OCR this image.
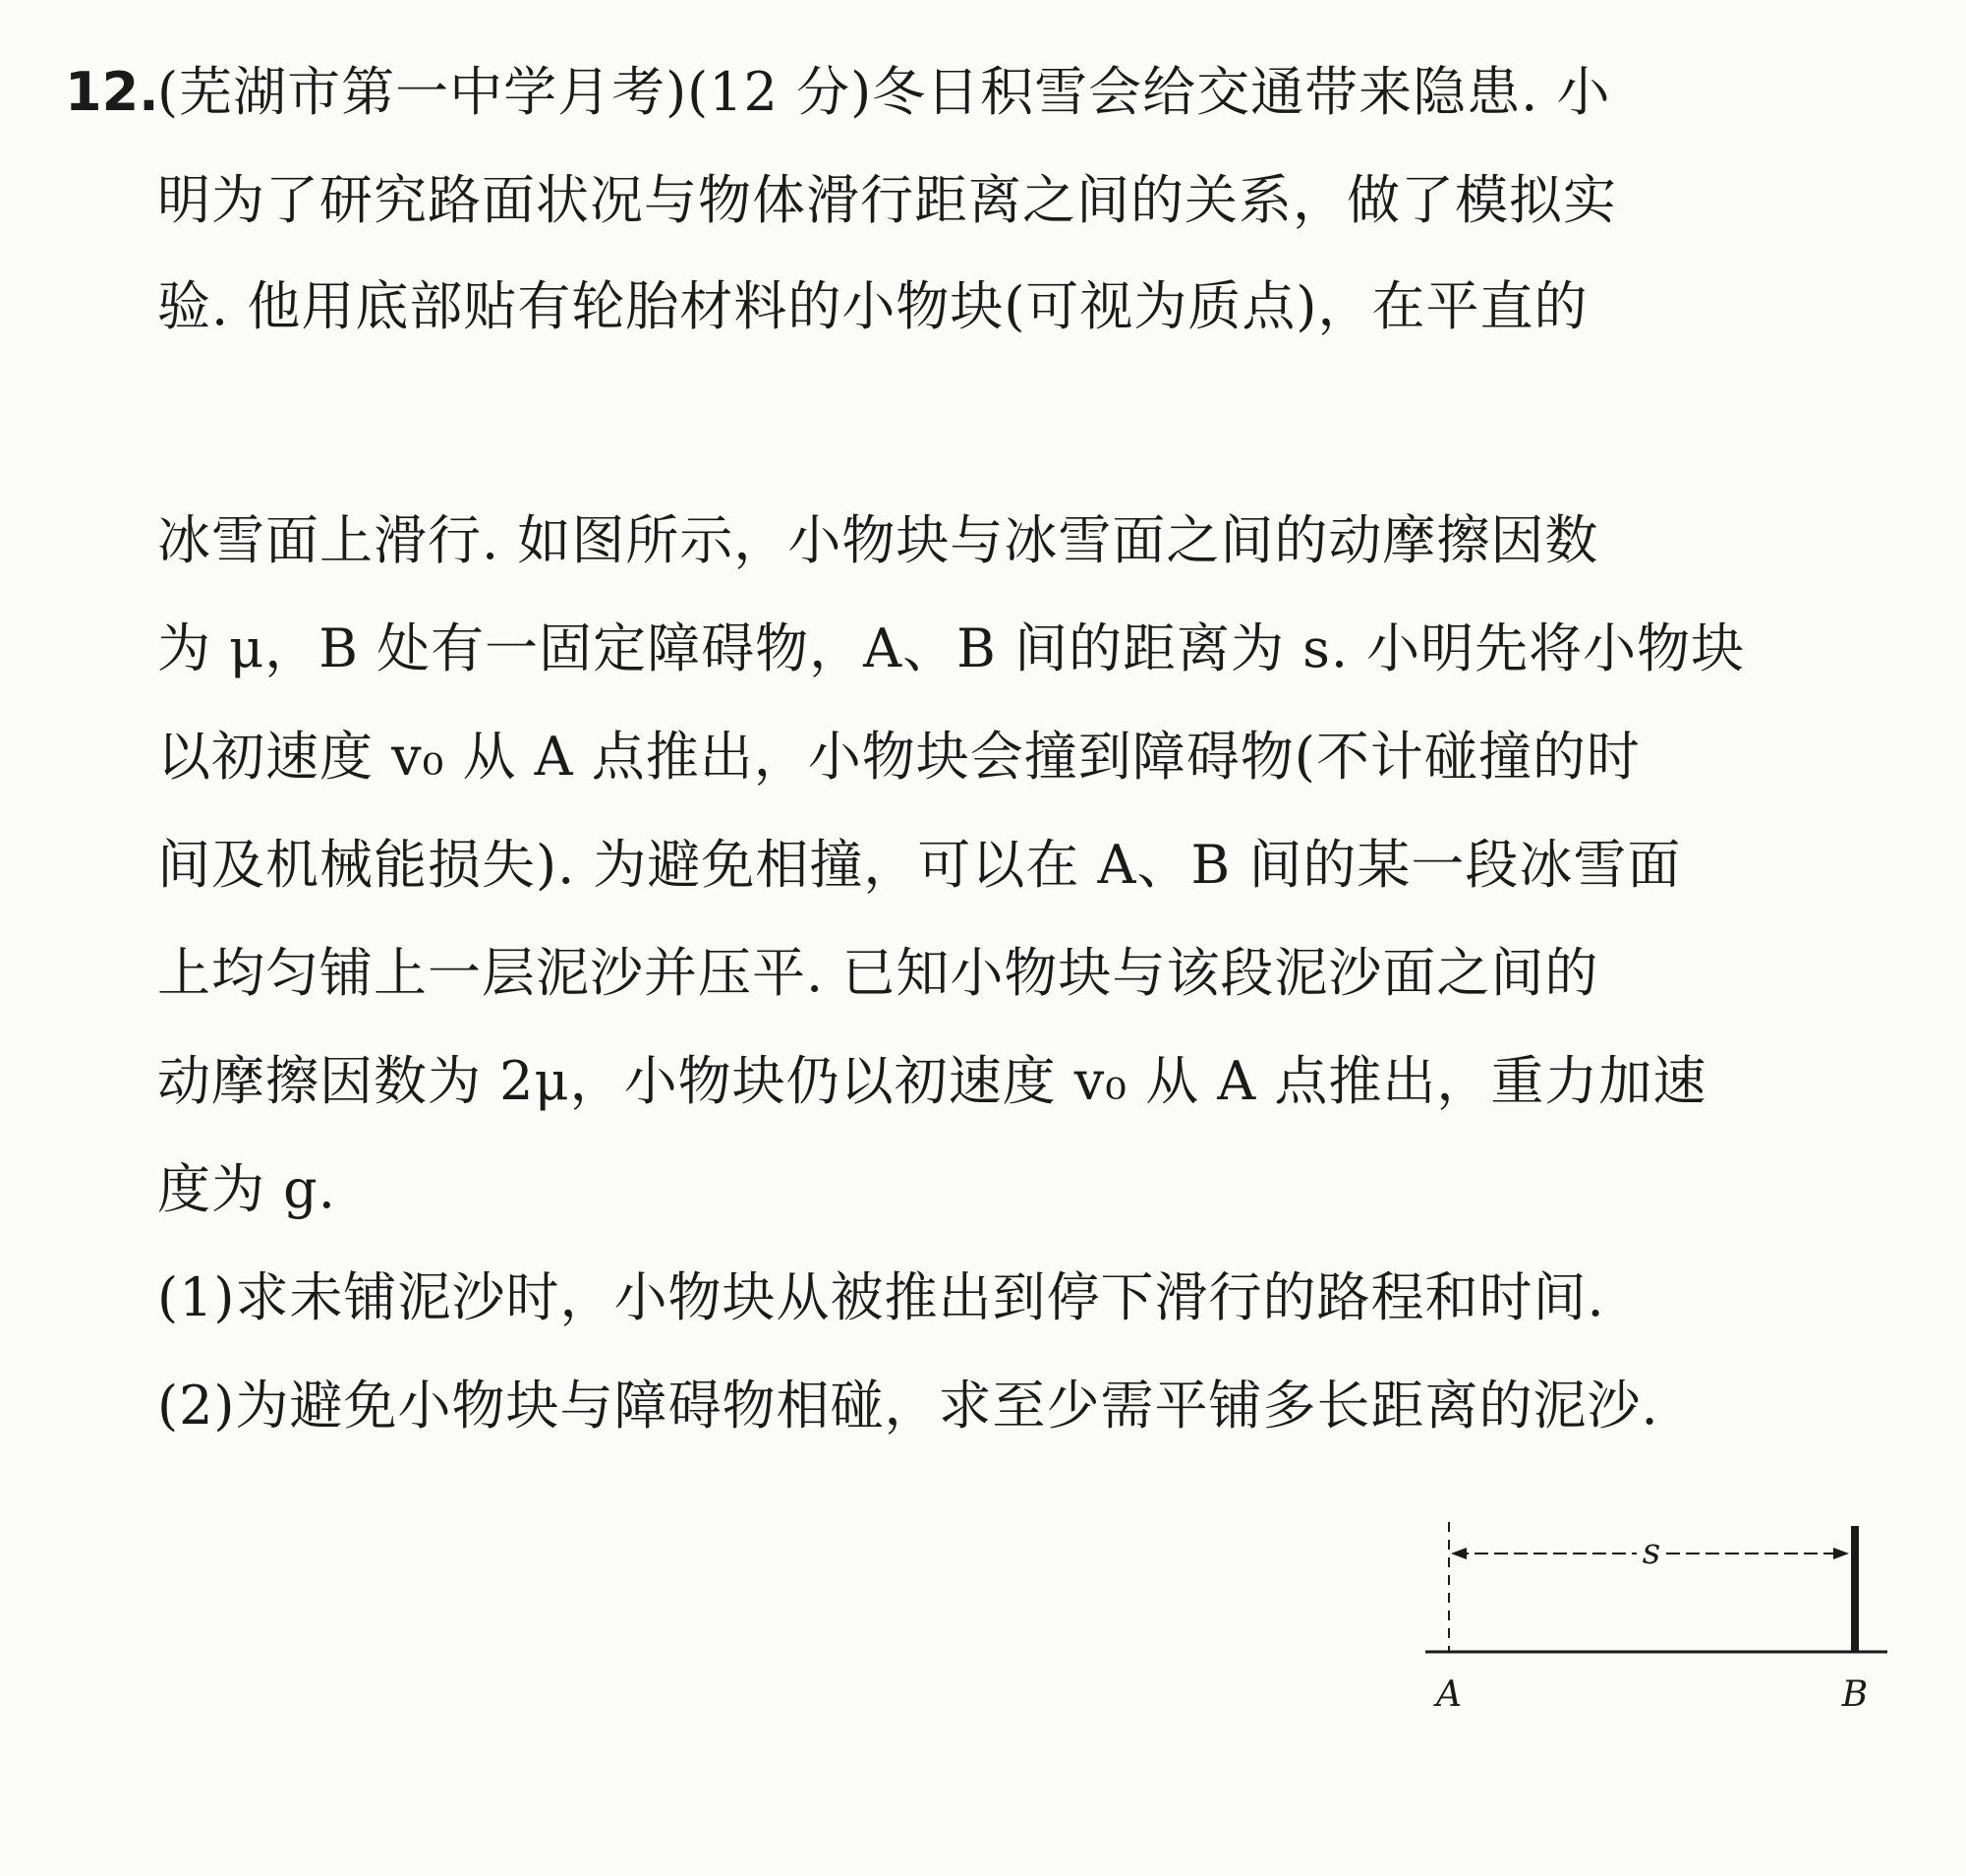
12.
(芜湖市第一中学月考)(12 分)冬日积雪会给交通带来隐患. 小
明为了研究路面状况与物体滑行距离之间的关系，做了模拟实
验. 他用底部贴有轮胎材料的小物块(可视为质点)，在平直的
冰雪面上滑行. 如图所示，小物块与冰雪面之间的动摩擦因数
为 μ，B 处有一固定障碍物，A、B 间的距离为 s. 小明先将小物块
以初速度 v₀ 从 A 点推出，小物块会撞到障碍物(不计碰撞的时
间及机械能损失). 为避免相撞，可以在 A、B 间的某一段冰雪面
上均匀铺上一层泥沙并压平. 已知小物块与该段泥沙面之间的
动摩擦因数为 2μ，小物块仍以初速度 v₀ 从 A 点推出，重力加速
度为 g.
(1)求未铺泥沙时，小物块从被推出到停下滑行的路程和时间.
(2)为避免小物块与障碍物相碰，求至少需平铺多长距离的泥沙.
s
A	B
